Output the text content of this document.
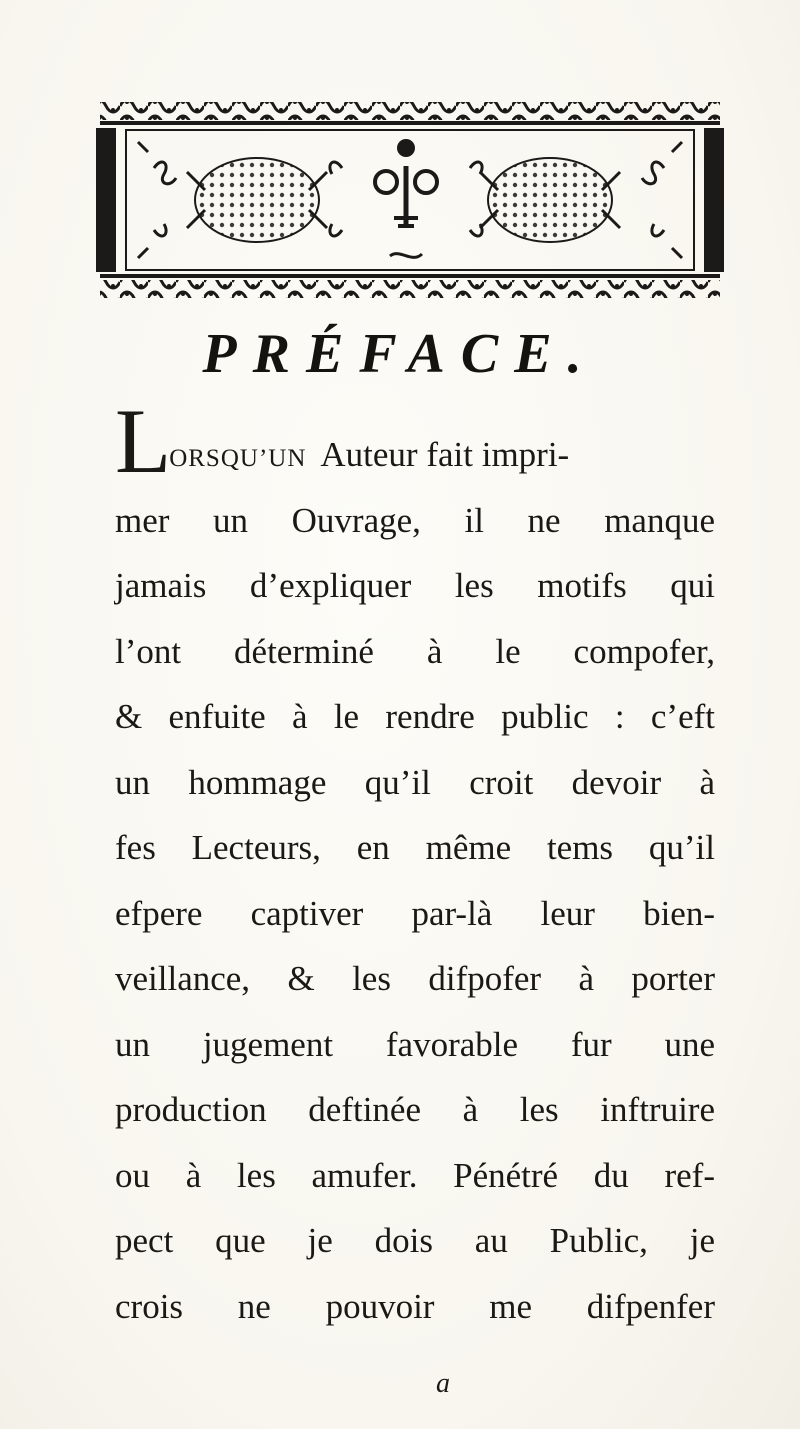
PRÉFACE.
LORSQU’UN Auteur fait impri-
mer un Ouvrage, il ne manque
jamais d’expliquer les motifs qui
l’ont déterminé à le compofer,
& enfuite à le rendre public : c’eft
un hommage qu’il croit devoir à
fes Lecteurs, en même tems qu’il
efpere captiver par-là leur bien-
veillance, & les difpofer à porter
un jugement favorable fur une
production deftinée à les inftruire
ou à les amufer. Pénétré du ref-
pect que je dois au Public, je
crois ne pouvoir me difpenfer
a
